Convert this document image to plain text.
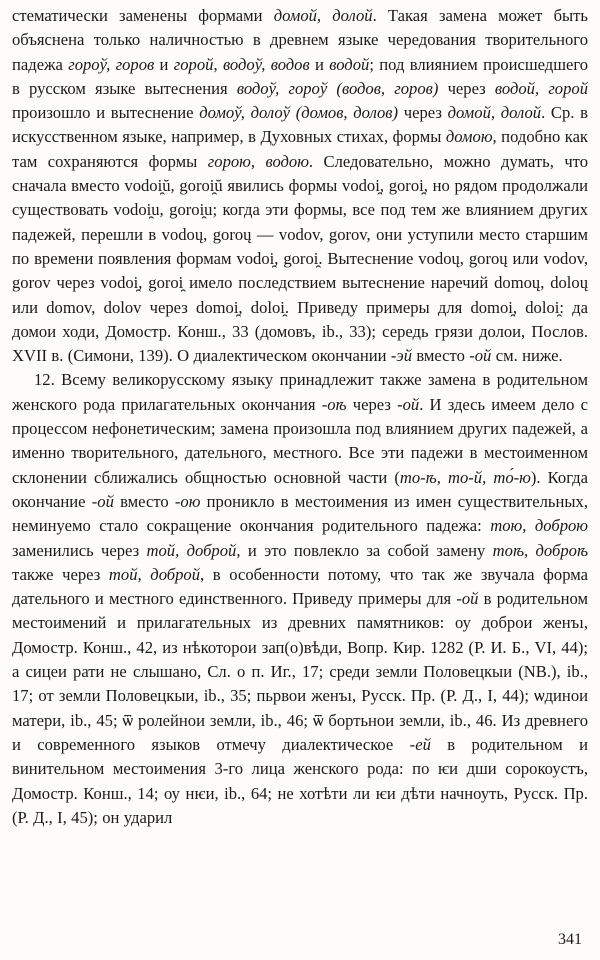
стематически заменены формами домой, долой. Такая замена может быть объяснена только наличностью в древнем языке чередования творительного падежа гороў, горов и горой, водоў, водов и водой; под влиянием происшедшего в русском языке вытеснения водоў, гороў (водов, горов) через водой, горой произошло и вытеснение домоў, долоў (домов, долов) через домой, долой. Ср. в искусственном языке, например, в Духовных стихах, формы домою, подобно как там сохраняются формы горою, водою. Следовательно, можно думать, что сначала вместо vodoi̯ŭ, goroi̯ŭ явились формы vodoi̯, goroi̯, но рядом продолжали существовать vodoi̯u, goroi̯u; когда эти формы, все под тем же влиянием других падежей, перешли в vodoų, goroų — vodov, gorov, они уступили место старшим по времени появления формам vodoi̯, goroi̯. Вытеснение vodoų, goroų или vodov, gorov через vodoi̯, goroi̯ имело последствием вытеснение наречий domoų, doloų или domov, dolov через domoi̯, doloi̯. Приведу примеры для domoi̯, doloi̯: да домои ходи, Домостр. Конш., 33 (домовъ, ib., 33); середь грязи долои, Послов. XVII в. (Симони, 139). О диалектическом окончании -эй вместо -ой см. ниже.

12. Всему великорусскому языку принадлежит также замена в родительном женского рода прилагательных окончания -оѣ через -ой. И здесь имеем дело с процессом нефонетическим; замена произошла под влиянием других падежей, а именно творительного, дательного, местного. Все эти падежи в местоименном склонении сближались общностью основной части (то-ѣ, то-й, то́-ю). Когда окончание -ой вместо -ою проникло в местоимения из имен существительных, неминуемо стало сокращение окончания родительного падежа: тою, доброю заменились через той, доброй, и это повлекло за собой замену тоѣ, доброѣ также через той, доброй, в особенности потому, что так же звучала форма дательного и местного единственного. Приведу примеры для -ой в родительном местоимений и прилагательных из древних памятников: оу доброи женъı, Домостр. Конш., 42, из нѣкоторои зап(о)вѣди, Вопр. Кир. 1282 (Р. И. Б., VI, 44); а сицеи рати не слышано, Сл. о п. Иг., 17; среди земли Половецкыи (NB.), ib., 17; от земли Половецкыи, ib., 35; пьрвои женъı, Русск. Пр. (Р. Д., I, 44); ѡдинои матери, ib., 45; ѿ ролейнои земли, ib., 46; ѿ бортьнои земли, ib., 46. Из древнего и современного языков отмечу диалектическое -ей в родительном и винительном местоимения 3-го лица женского рода: по ѥи дши сорокоустъ, Домостр. Конш., 14; оу нѥи, ib., 64; не хотѣти ли ѥи дѣти начноуть, Русск. Пр. (Р. Д., I, 45); он ударил

341
